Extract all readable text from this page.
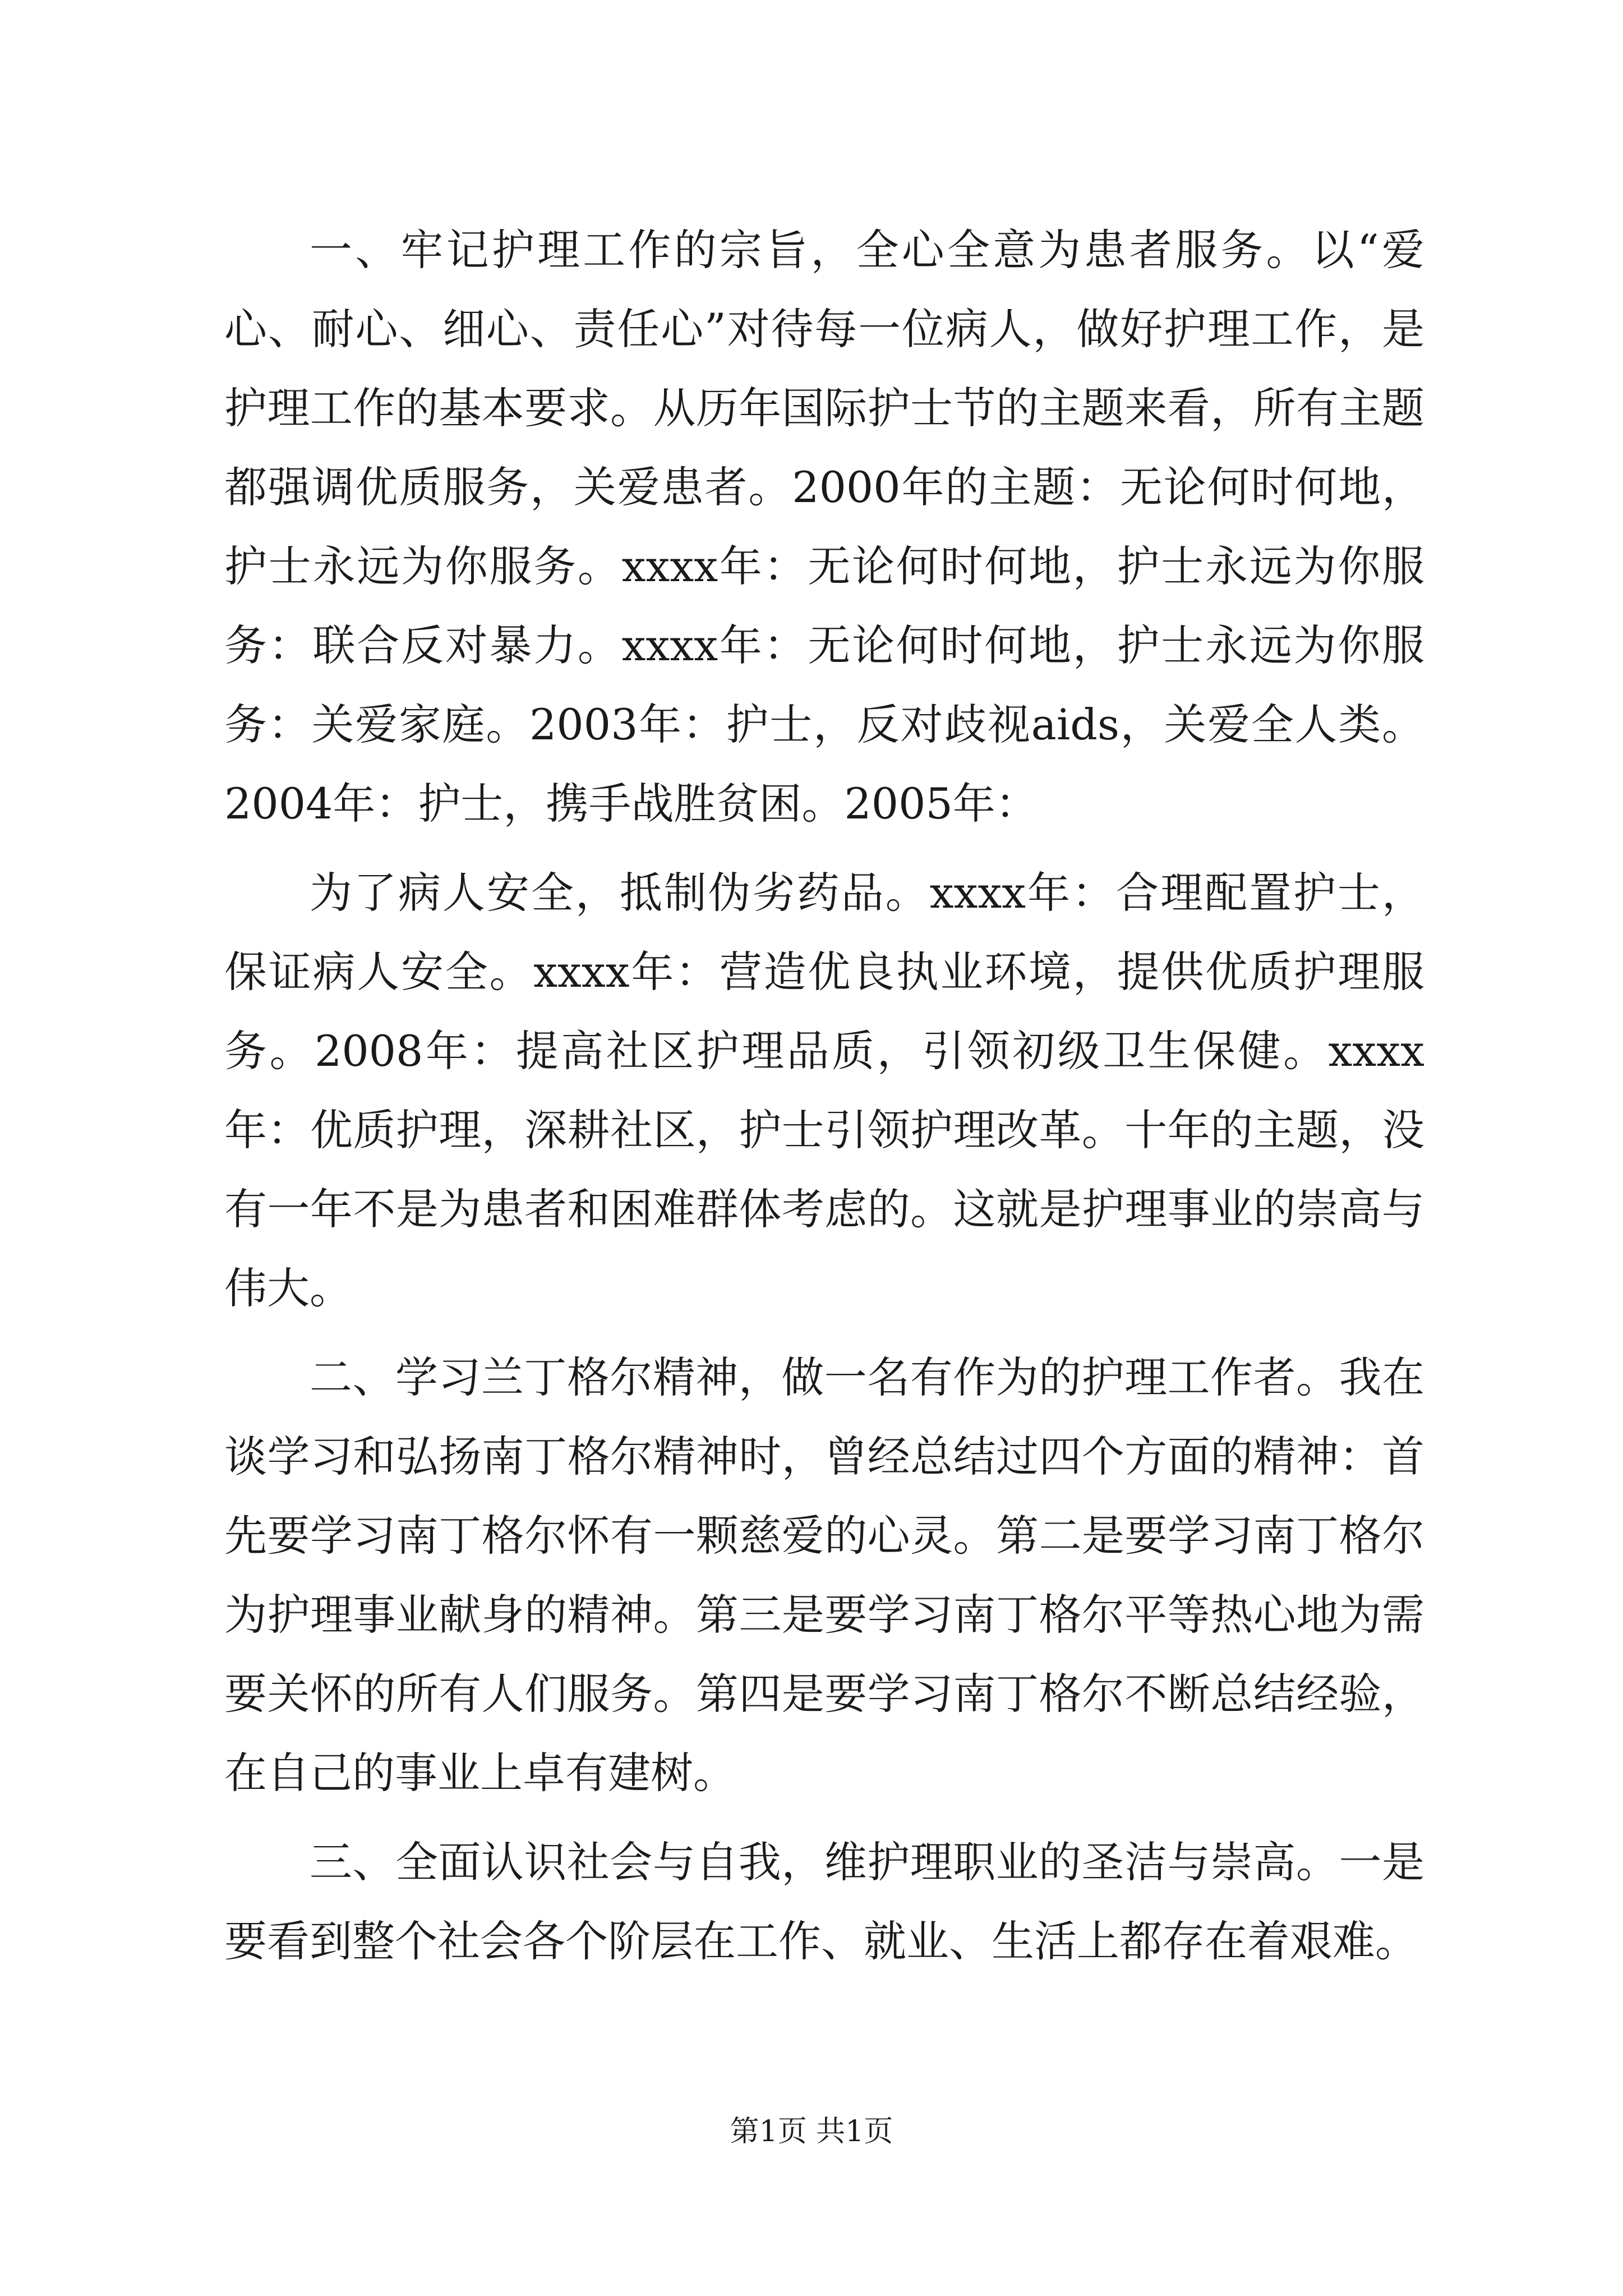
一、牢记护理工作的宗旨，全心全意为患者服务。以“爱心、耐心、细心、责任心”对待每一位病人，做好护理工作，是护理工作的基本要求。从历年国际护士节的主题来看，所有主题都强调优质服务，关爱患者。2000年的主题：无论何时何地，护士永远为你服务。xxxx年：无论何时何地，护士永远为你服务：联合反对暴力。xxxx年：无论何时何地，护士永远为你服务：关爱家庭。2003年：护士，反对歧视aids，关爱全人类。2004年：护士，携手战胜贫困。2005年：

为了病人安全，抵制伪劣药品。xxxx年：合理配置护士，保证病人安全。xxxx年：营造优良执业环境，提供优质护理服务。2008年：提高社区护理品质，引领初级卫生保健。xxxx年：优质护理，深耕社区，护士引领护理改革。十年的主题，没有一年不是为患者和困难群体考虑的。这就是护理事业的崇高与伟大。

二、学习兰丁格尔精神，做一名有作为的护理工作者。我在谈学习和弘扬南丁格尔精神时，曾经总结过四个方面的精神：首先要学习南丁格尔怀有一颗慈爱的心灵。第二是要学习南丁格尔为护理事业献身的精神。第三是要学习南丁格尔平等热心地为需要关怀的所有人们服务。第四是要学习南丁格尔不断总结经验，在自己的事业上卓有建树。

三、全面认识社会与自我，维护理职业的圣洁与崇高。一是要看到整个社会各个阶层在工作、就业、生活上都存在着艰难。

第1页 共1页
